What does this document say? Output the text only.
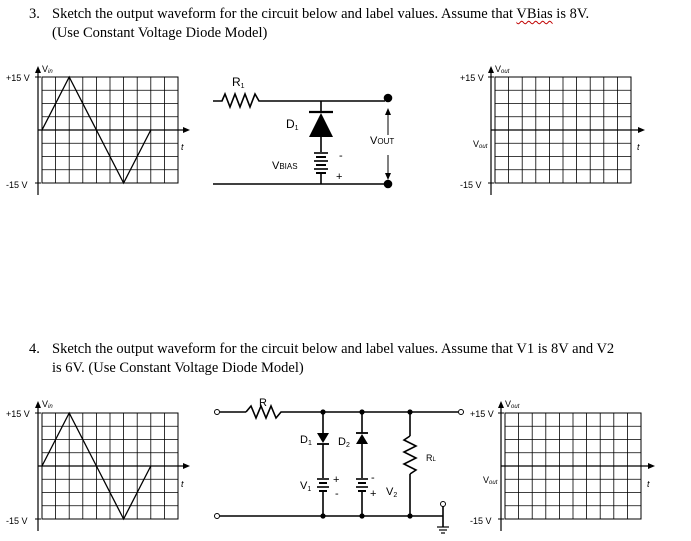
3. Sketch the output waveform for the circuit below and label values. Assume that VBias is 8V.
(Use Constant Voltage Diode Model)
4. Sketch the output waveform for the circuit below and label values. Assume that V1 is 8V and V2
is 6V. (Use Constant Voltage Diode Model)
Vin
+15 V
-15 V
t
Vout
+15 V
-15 V
t
Vout
Vin
+15 V
-15 V
t
Vout
+15 V
-15 V
t
Vout
R1
D1
VBIAS
VOUT
-
+
R
D1 D2
RL
V1
+
-
-
+ V2
